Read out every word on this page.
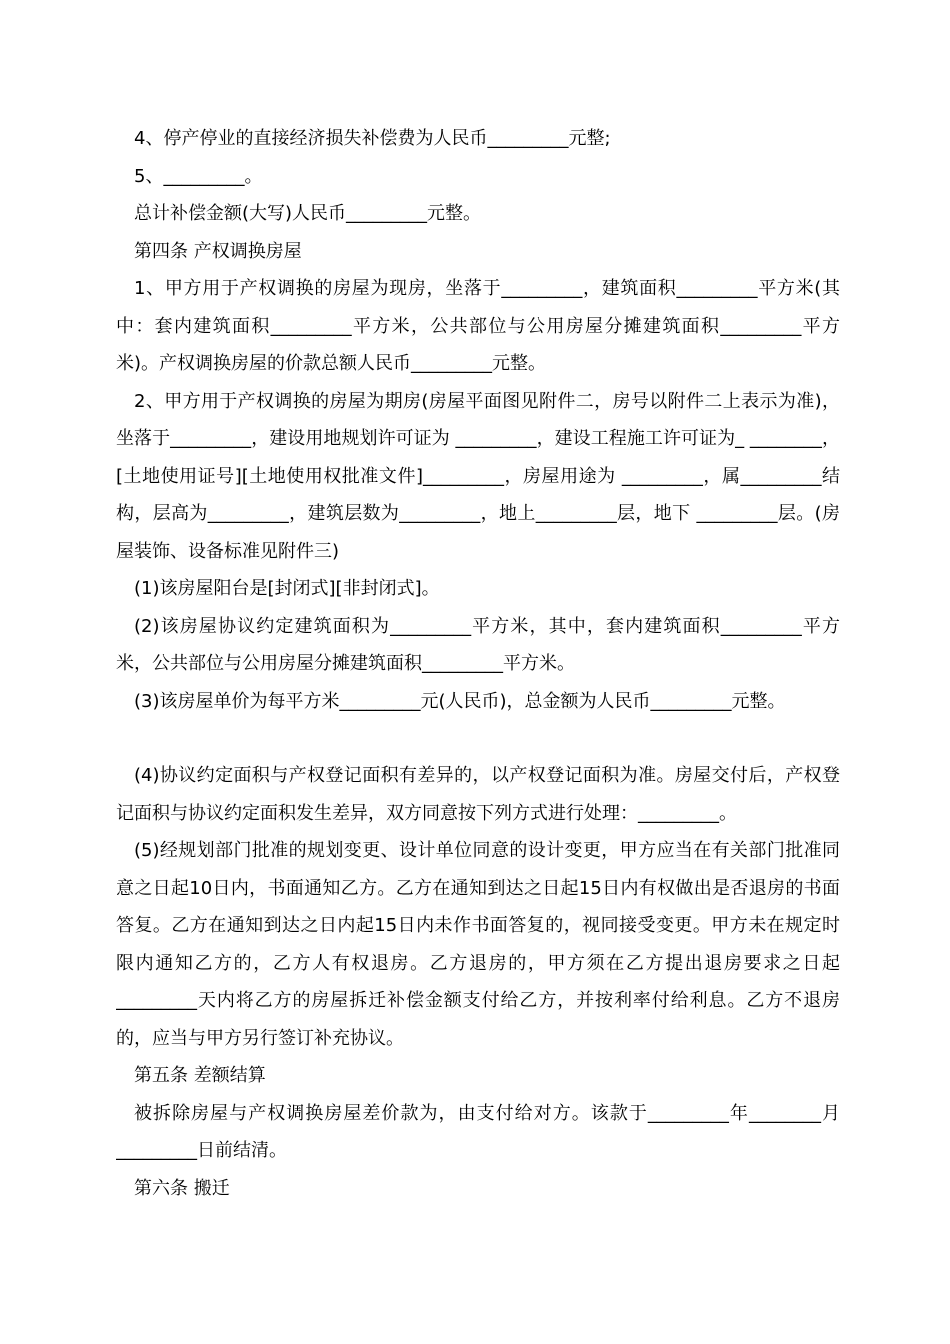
4、停产停业的直接经济损失补偿费为人民币_________元整;

5、_________。

总计补偿金额(大写)人民币_________元整。

第四条 产权调换房屋

1、甲方用于产权调换的房屋为现房，坐落于_________，建筑面积_________平方米(其中：套内建筑面积_________平方米，公共部位与公用房屋分摊建筑面积_________平方米)。产权调换房屋的价款总额人民币_________元整。

2、甲方用于产权调换的房屋为期房(房屋平面图见附件二，房号以附件二上表示为准)，坐落于_________，建设用地规划许可证为 _________，建设工程施工许可证为_ ________，[土地使用证号][土地使用权批准文件]_________，房屋用途为 _________，属_________结构，层高为_________，建筑层数为_________，地上_________层，地下 _________层。(房屋装饰、设备标准见附件三)

(1)该房屋阳台是[封闭式][非封闭式]。

(2)该房屋协议约定建筑面积为_________平方米，其中，套内建筑面积_________平方米，公共部位与公用房屋分摊建筑面积_________平方米。

(3)该房屋单价为每平方米_________元(人民币)，总金额为人民币_________元整。

(4)协议约定面积与产权登记面积有差异的，以产权登记面积为准。房屋交付后，产权登记面积与协议约定面积发生差异，双方同意按下列方式进行处理：_________。

(5)经规划部门批准的规划变更、设计单位同意的设计变更，甲方应当在有关部门批准同意之日起10日内，书面通知乙方。乙方在通知到达之日起15日内有权做出是否退房的书面答复。乙方在通知到达之日内起15日内未作书面答复的，视同接受变更。甲方未在规定时限内通知乙方的，乙方人有权退房。乙方退房的，甲方须在乙方提出退房要求之日起_________天内将乙方的房屋拆迁补偿金额支付给乙方，并按利率付给利息。乙方不退房的，应当与甲方另行签订补充协议。

第五条 差额结算

被拆除房屋与产权调换房屋差价款为，由支付给对方。该款于_________年________月_________日前结清。

第六条 搬迁
